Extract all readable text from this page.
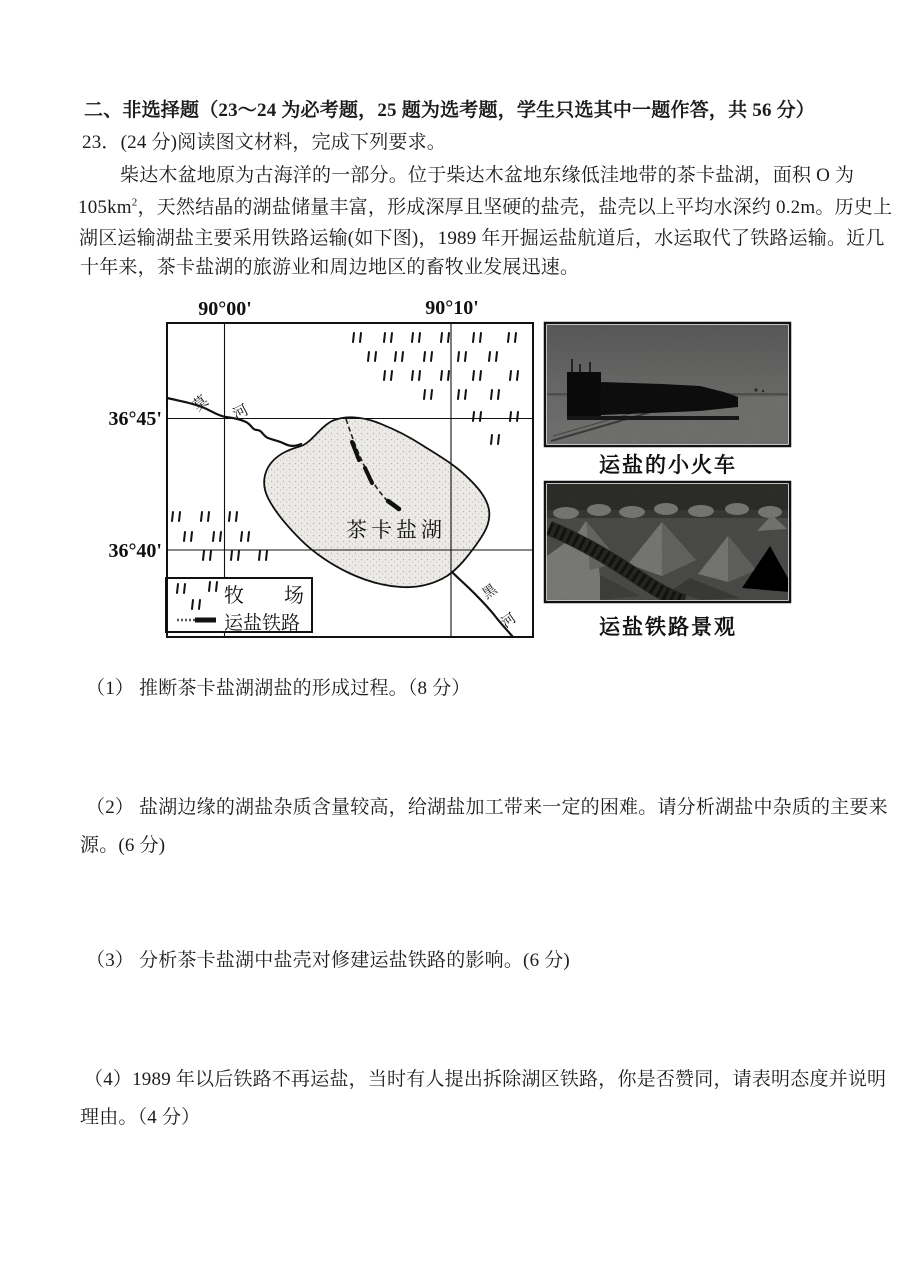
二、非选择题（23～24 为必考题，25 题为选考题，学生只选其中一题作答，共 56 分）
23．(24 分)阅读图文材料，完成下列要求。
柴达木盆地原为古海洋的一部分。位于柴达木盆地东缘低洼地带的茶卡盐湖，面积 O 为
$105km^2$，天然结晶的湖盐储量丰富，形成深厚且坚硬的盐壳，盐壳以上平均水深约 0.2m。历史上
湖区运输湖盐主要采用铁路运输(如下图)，1989 年开掘运盐航道后，水运取代了铁路运输。近几
十年来，茶卡盐湖的旅游业和周边地区的畜牧业发展迅速。
（1） 推断茶卡盐湖湖盐的形成过程。（8 分）
（2） 盐湖边缘的湖盐杂质含量较高，给湖盐加工带来一定的困难。请分析湖盐中杂质的主要来
源。(6 分)
（3） 分析茶卡盐湖中盐壳对修建运盐铁路的影响。(6 分)
（4）1989 年以后铁路不再运盐，当时有人提出拆除湖区铁路，你是否赞同，请表明态度并说明
理由。（4 分）
莫 河
黑
河
茶卡盐湖
90°00'	90°10'
36°45'
36°40'
牧　　场
运盐铁路
运盐的小火车
运盐铁路景观
